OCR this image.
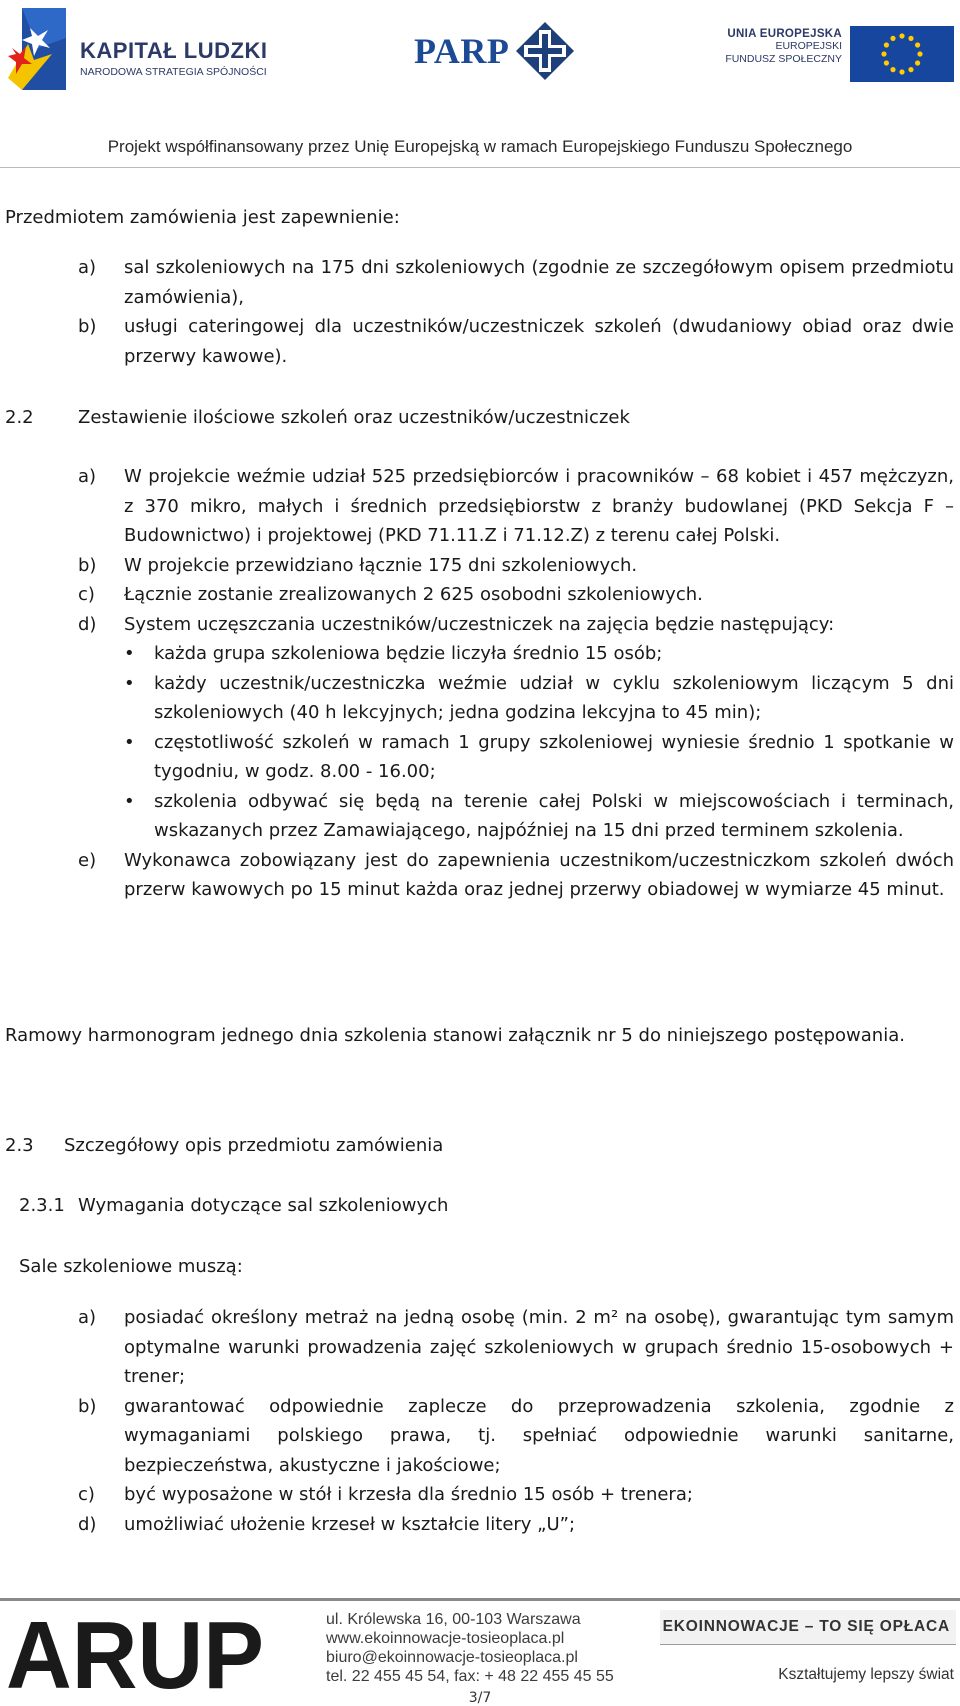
KAPITAŁ LUDZKI
NARODOWA STRATEGIA SPÓJNOŚCI
PARP	UNIA EUROPEJSKA
EUROPEJSKI
FUNDUSZ SPOŁECZNY
Projekt współfinansowany przez Unię Europejską w ramach Europejskiego Funduszu Społecznego

Przedmiotem zamówienia jest zapewnienie:

a) sal szkoleniowych na 175 dni szkoleniowych (zgodnie ze szczegółowym opisem przedmiotu zamówienia),
b) usługi cateringowej dla uczestników/uczestniczek szkoleń (dwudaniowy obiad oraz dwie przerwy kawowe).
2.2 Zestawienie ilościowe szkoleń oraz uczestników/uczestniczek
a) W projekcie weźmie udział 525 przedsiębiorców i pracowników – 68 kobiet i 457 mężczyzn, z 370 mikro, małych i średnich przedsiębiorstw z branży budowlanej (PKD Sekcja F – Budownictwo) i projektowej (PKD 71.11.Z i 71.12.Z) z terenu całej Polski.
b) W projekcie przewidziano łącznie 175 dni szkoleniowych.
c) Łącznie zostanie zrealizowanych 2 625 osobodni szkoleniowych.
d) System uczęszczania uczestników/uczestniczek na zajęcia będzie następujący:
• każda grupa szkoleniowa będzie liczyła średnio 15 osób;
• każdy uczestnik/uczestniczka weźmie udział w cyklu szkoleniowym liczącym 5 dni szkoleniowych (40 h lekcyjnych; jedna godzina lekcyjna to 45 min);
• częstotliwość szkoleń w ramach 1 grupy szkoleniowej wyniesie średnio 1 spotkanie w tygodniu, w godz. 8.00 - 16.00;
• szkolenia odbywać się będą na terenie całej Polski w miejscowościach i terminach, wskazanych przez Zamawiającego, najpóźniej na 15 dni przed terminem szkolenia.
e) Wykonawca zobowiązany jest do zapewnienia uczestnikom/uczestniczkom szkoleń dwóch przerw kawowych po 15 minut każda oraz jednej przerwy obiadowej w wymiarze 45 minut.

Ramowy harmonogram jednego dnia szkolenia stanowi załącznik nr 5 do niniejszego postępowania.

2.3 Szczegółowy opis przedmiotu zamówienia
2.3.1 Wymagania dotyczące sal szkoleniowych

Sale szkoleniowe muszą:

a) posiadać określony metraż na jedną osobę (min. 2 m² na osobę), gwarantując tym samym optymalne warunki prowadzenia zajęć szkoleniowych w grupach średnio 15-osobowych + trener;
b) gwarantować odpowiednie zaplecze do przeprowadzenia szkolenia, zgodnie z wymaganiami polskiego prawa, tj. spełniać odpowiednie warunki sanitarne, bezpieczeństwa, akustyczne i jakościowe;
c) być wyposażone w stół i krzesła dla średnio 15 osób + trenera;
d) umożliwiać ułożenie krzeseł w kształcie litery „U”;
ARUP	ul. Królewska 16, 00-103 Warszawa
www.ekoinnowacje-tosieoplaca.pl
biuro@ekoinnowacje-tosieoplaca.pl
tel. 22 455 45 54, fax: + 48 22 455 45 55
EKOINNOWACJE – TO SIĘ OPŁACA
Kształtujemy lepszy świat
3/7
